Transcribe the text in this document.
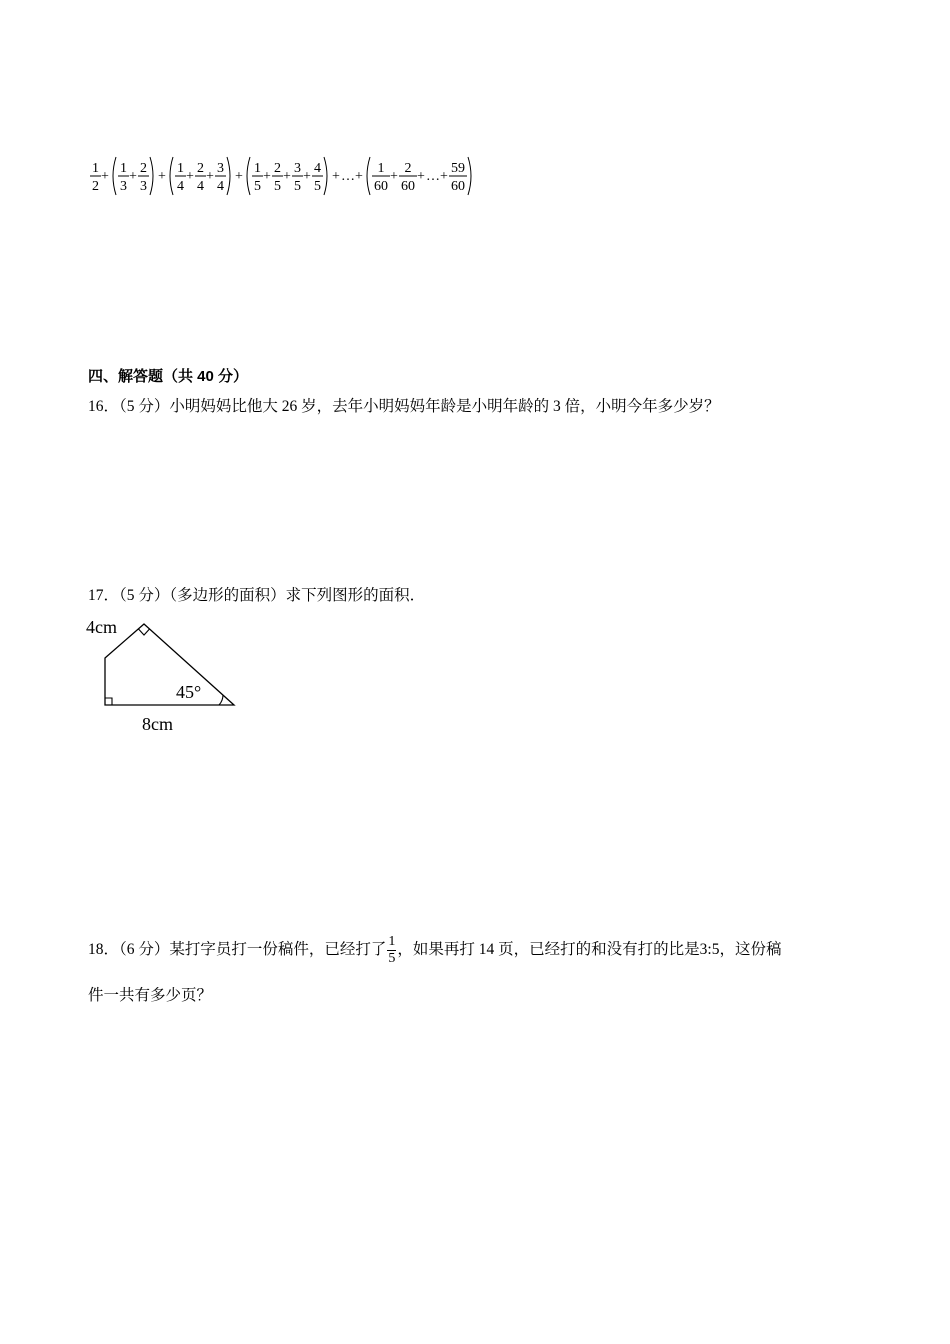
1
2
+
1
3
+
2
3
+
1
4
+
2
4
+
3
4
+
1
5
+
2
5
+
3
5
+
4
5
+ … +
1
60
+
2
60
+ … +
59
60
四、解答题（共 40 分）
16．（5 分）小明妈妈比他大 26 岁，去年小明妈妈年龄是小明年龄的 3 倍，小明今年多少岁？
17．（5 分）（多边形的面积）求下列图形的面积．
4cm
45°
8cm
18．（6 分）某打字员打一份稿件，已经打了 $\frac{1}{5}$ ，如果再打 14 页，已经打的和没有打的比是3:5，这份稿
件一共有多少页？
